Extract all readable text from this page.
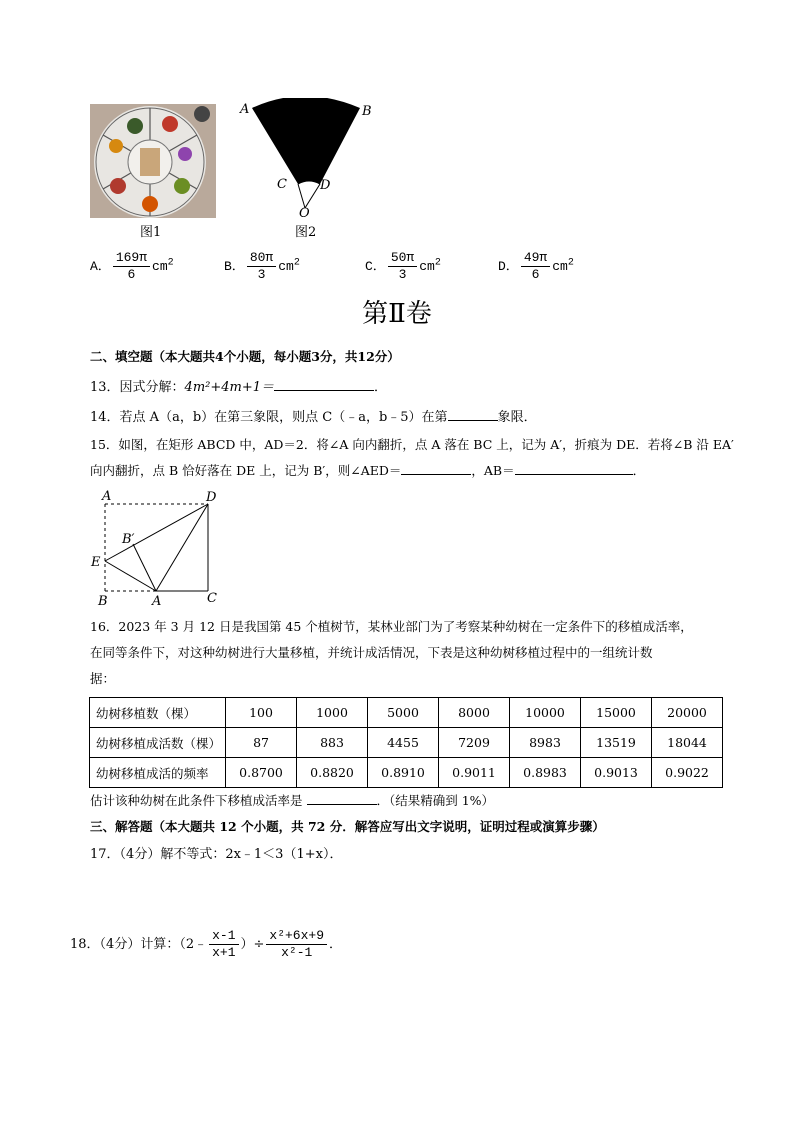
图1
A	B
C	D
O
图2
A． $\frac{169\pi}{6} cm^2$	B． $\frac{80\pi}{3} cm^2$	C． $\frac{50\pi}{3} cm^2$	D． $\frac{49\pi}{6} cm^2$
第Ⅱ卷
二、填空题（本大题共4个小题，每小题3分，共12分）
13．因式分解：4m²+4m+1＝	．
14．若点 A（a，b）在第三象限，则点 C（﹣a，b﹣5）在第	象限．
15．如图，在矩形 ABCD 中，AD＝2．将∠A 向内翻折，点 A 落在 BC 上，记为 A′，折痕为 DE．若将∠B 沿 EA′
向内翻折，点 B 恰好落在 DE 上，记为 B′，则∠AED＝	，AB＝	．
A	D
B′
E
B	A	C
16．2023 年 3 月 12 日是我国第 45 个植树节，某林业部门为了考察某种幼树在一定条件下的移植成活率，
在同等条件下，对这种幼树进行大量移植，并统计成活情况，下表是这种幼树移植过程中的一组统计数
据：
幼树移植数（棵）	100	1000	5000	8000	10000	15000	20000
幼树移植成活数（棵）	87	883	4455	7209	8983	13519	18044
幼树移植成活的频率	0.8700	0.8820	0.8910	0.9011	0.8983	0.9013	0.9022
估计该种幼树在此条件下移植成活率是	．（结果精确到 1%）
三、解答题（本大题共 12 个小题，共 72 分．解答应写出文字说明，证明过程或演算步骤）
17．（4分）解不等式：2x﹣1＜3（1+x）．
18．（4分）计算：（2﹣ $\frac{x-1}{x+1}$ ）÷ $\frac{\text{x²+6x+9}}{\text{x²-1}}$ ．
